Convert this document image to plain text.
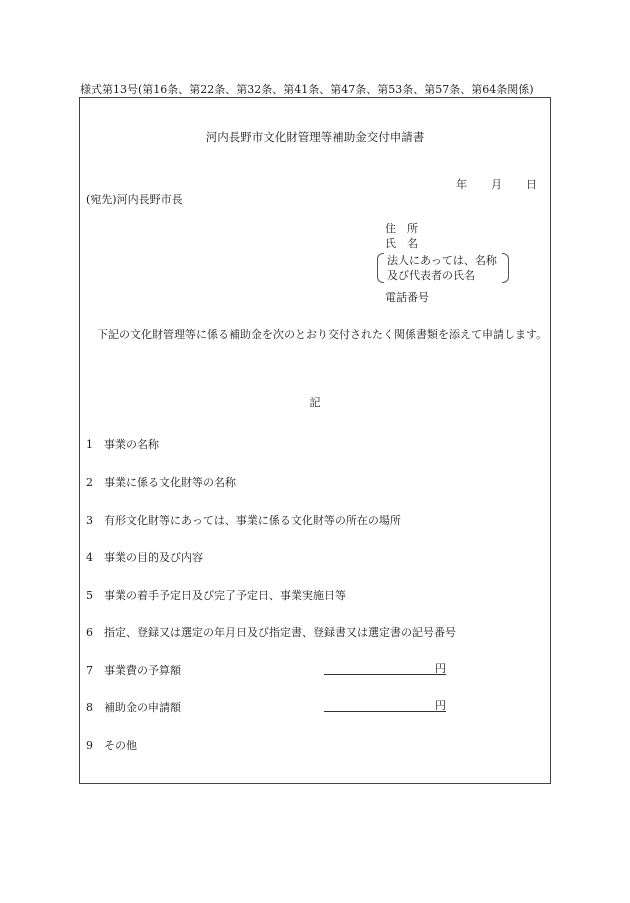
様式第13号(第16条、第22条、第32条、第41条、第47条、第53条、第57条、第64条関係)
河内長野市文化財管理等補助金交付申請書
年 月 日
(宛先)河内長野市長
住　所
氏　名
法人にあっては、名称
及び代表者の氏名
電話番号
下記の文化財管理等に係る補助金を次のとおり交付されたく関係書類を添えて申請します。
記
1 事業の名称
2 事業に係る文化財等の名称
3 有形文化財等にあっては、事業に係る文化財等の所在の場所
4 事業の目的及び内容
5 事業の着手予定日及び完了予定日、事業実施日等
6 指定、登録又は選定の年月日及び指定書、登録書又は選定書の記号番号
7 事業費の予算額	円
8 補助金の申請額	円
9 その他
